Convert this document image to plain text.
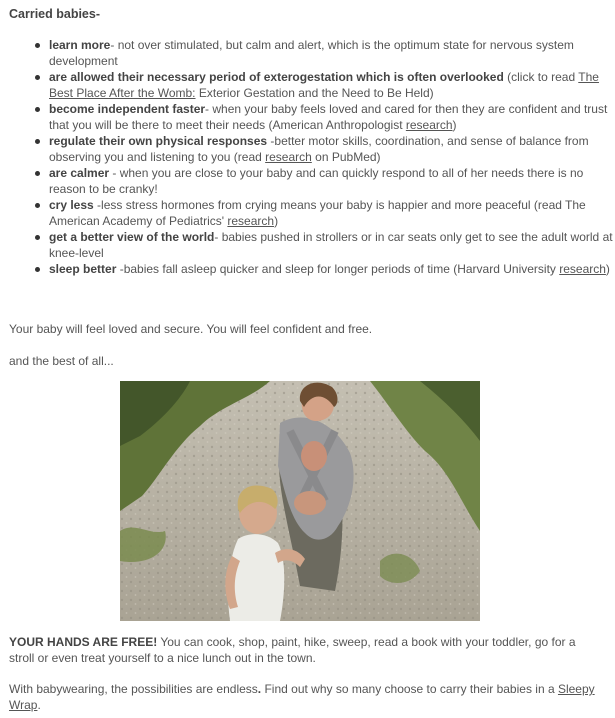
Carried babies-
learn more- not over stimulated, but calm and alert, which is the optimum state for nervous system development
are allowed their necessary period of exterogestation which is often overlooked (click to read The Best Place After the Womb: Exterior Gestation and the Need to Be Held)
become independent faster- when your baby feels loved and cared for then they are confident and trust that you will be there to meet their needs (American Anthropologist research)
regulate their own physical responses -better motor skills, coordination, and sense of balance from observing you and listening to you (read research on PubMed)
are calmer - when you are close to your baby and can quickly respond to all of her needs there is no reason to be cranky!
cry less -less stress hormones from crying means your baby is happier and more peaceful (read The American Academy of Pediatrics' research)
get a better view of the world- babies pushed in strollers or in car seats only get to see the adult world at knee-level
sleep better -babies fall asleep quicker and sleep for longer periods of time (Harvard University research)

Your baby will feel loved and secure. You will feel confident and free.

and the best of all...

YOUR HANDS ARE FREE! You can cook, shop, paint, hike, sweep, read a book with your toddler, go for a stroll or even treat yourself to a nice lunch out in the town.

With babywearing, the possibilities are endless. Find out why so many choose to carry their babies in a Sleepy Wrap.
